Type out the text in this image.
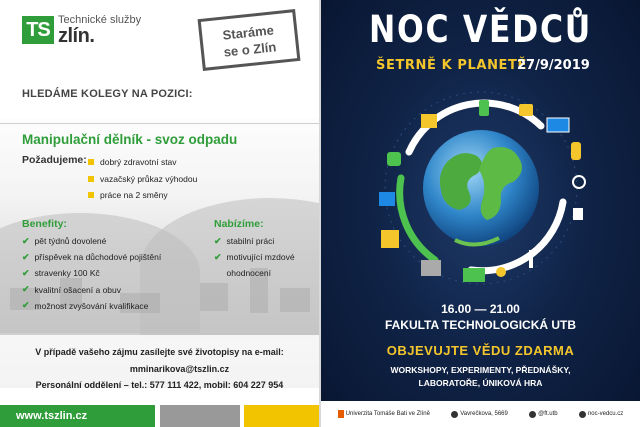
TS Technické služby
zlín.	Staráme
se o Zlín
HLEDÁME KOLEGY NA POZICI:
Manipulační dělník - svoz odpadu
Požadujeme: dobrý zdravotní stav
vazačský průkaz výhodou
práce na 2 směny
Benefity:
✔ pět týdnů dovolené
✔ příspěvek na důchodové pojištění
✔ stravenky 100 Kč
✔ kvalitní ošacení a obuv
✔ možnost zvyšování kvalifikace
Nabízíme:
✔ stabilní práci
✔ motivující mzdové
ohodnocení
V případě vašeho zájmu zasílejte své životopisy na e-mail:
mminarikova@tszlin.cz
Personální oddělení – tel.: 577 111 422, mobil: 604 227 954
www.tszlin.cz
NOC VĚDCŮ
ŠETRNĚ K PLANETĚ
27/9/2019
16.00 — 21.00
FAKULTA TECHNOLOGICKÁ UTB
OBJEVUJTE VĚDU ZDARMA
WORKSHOPY, EXPERIMENTY, PŘEDNÁŠKY,
LABORATOŘE, ÚNIKOVÁ HRA
Univerzita Tomáše Bati ve Zlíně	Vavrečkova, 5669	@ft.utb	noc-vedcu.cz
